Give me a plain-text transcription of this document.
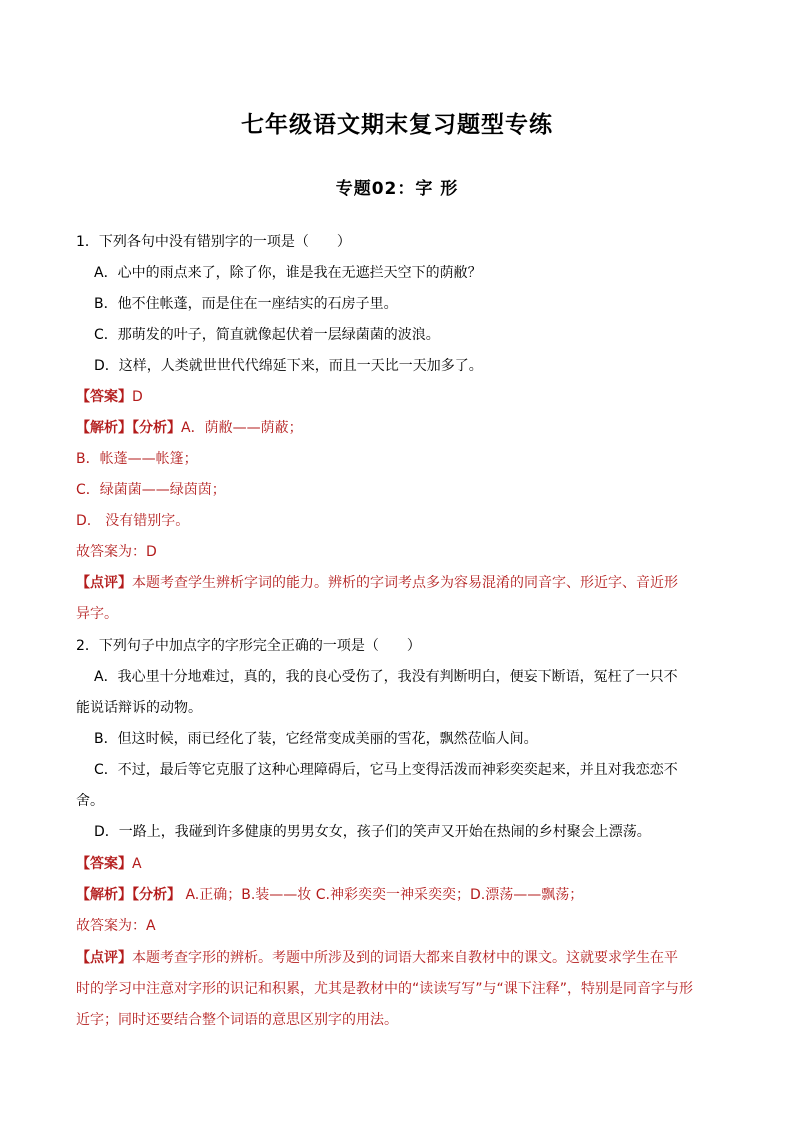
七年级语文期末复习题型专练
专题02：字 形
1．下列各句中没有错别字的一项是（　　）
A．心中的雨点来了，除了你，谁是我在无遮拦天空下的荫敝？
B．他不住帐蓬，而是住在一座结实的石房子里。
C．那萌发的叶子，简直就像起伏着一层绿菌菌的波浪。
D．这样，人类就世世代代绵延下来，而且一天比一天加多了。
【答案】D
【解析】【分析】A．荫敝——荫蔽；
B．帐蓬——帐篷；
C．绿菌菌——绿茵茵；
D.　没有错别字。
故答案为：D
【点评】本题考查学生辨析字词的能力。辨析的字词考点多为容易混淆的同音字、形近字、音近形
异字。
2．下列句子中加点字的字形完全正确的一项是（　　）
A．我心里十分地难过，真的，我的良心受伤了，我没有判断明白，便妄下断语，冤枉了一只不
能说话辩诉的动物。
B．但这时候，雨已经化了装，它经常变成美丽的雪花，飘然莅临人间。
C．不过，最后等它克服了这种心理障碍后，它马上变得活泼而神彩奕奕起来，并且对我恋恋不
舍。
D．一路上，我碰到许多健康的男男女女，孩子们的笑声又开始在热闹的乡村聚会上漂荡。
【答案】A
【解析】【分析】 A.正确；B.装——妆 C.神彩奕奕一神采奕奕；D.漂荡——飘荡；
故答案为：A
【点评】本题考查字形的辨析。考题中所涉及到的词语大都来自教材中的课文。这就要求学生在平
时的学习中注意对字形的识记和积累，尤其是教材中的“读读写写”与“课下注释”，特别是同音字与形
近字；同时还要结合整个词语的意思区别字的用法。
